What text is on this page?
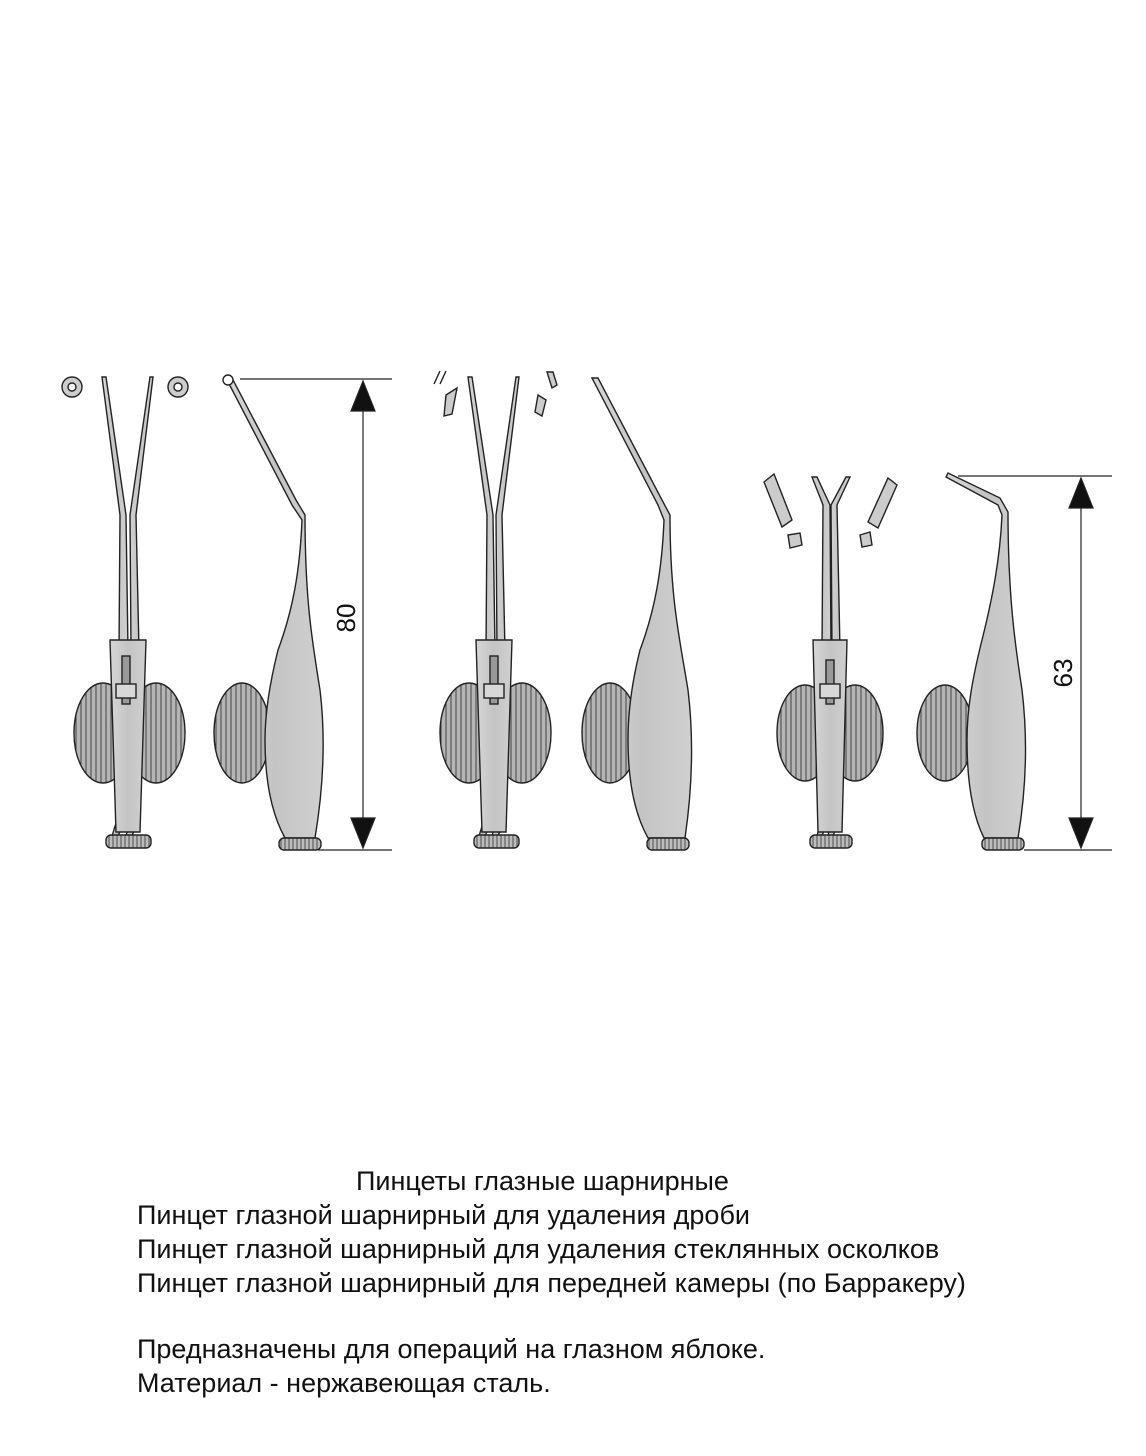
80
63
Пинцеты глазные шарнирные
Пинцет глазной шарнирный для удаления дроби
Пинцет глазной шарнирный для удаления стеклянных осколков
Пинцет глазной шарнирный для передней камеры (по Барракеру)
Предназначены для операций на глазном яблоке.
Материал - нержавеющая сталь.
